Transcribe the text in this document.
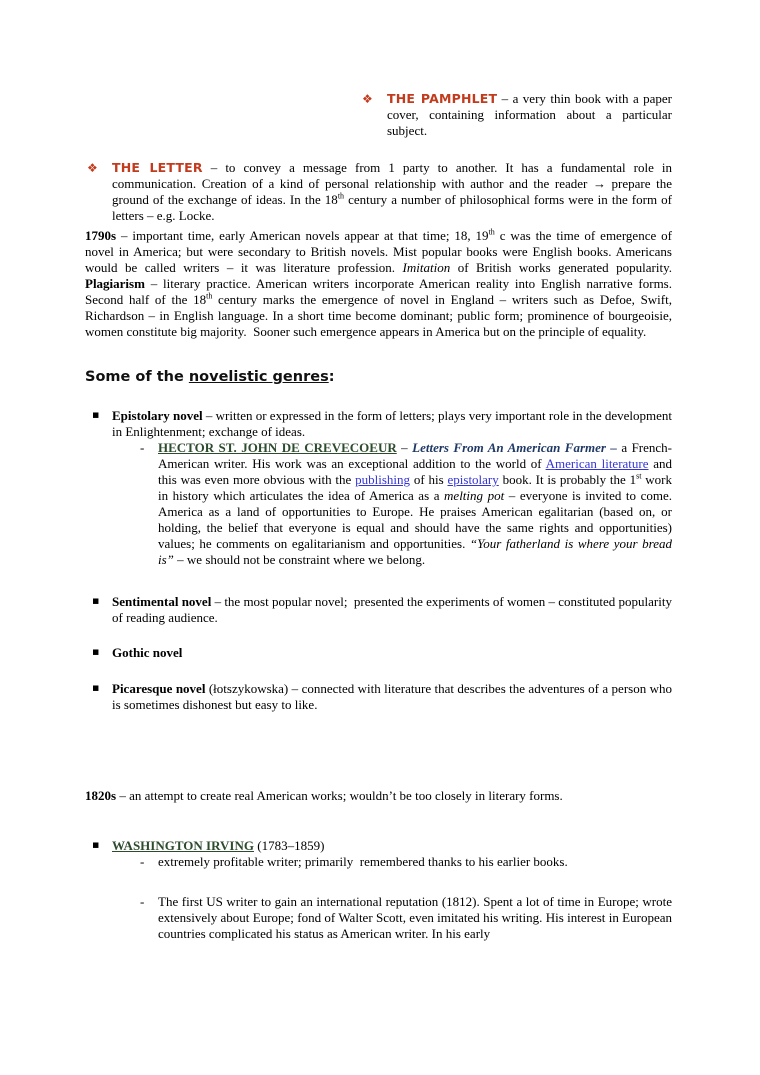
❖ THE PAMPHLET – a very thin book with a paper cover, containing information about a particular subject.
❖ THE LETTER – to convey a message from 1 party to another. It has a fundamental role in communication. Creation of a kind of personal relationship with author and the reader → prepare the ground of the exchange of ideas. In the 18th century a number of philosophical forms were in the form of letters – e.g. Locke.
1790s – important time, early American novels appear at that time; 18, 19th c was the time of emergence of novel in America; but were secondary to British novels. Mist popular books were English books. Americans would be called writers – it was literature profession. Imitation of British works generated popularity. Plagiarism – literary practice. American writers incorporate American reality into English narrative forms. Second half of the 18th century marks the emergence of novel in England – writers such as Defoe, Swift, Richardson – in English language. In a short time become dominant; public form; prominence of bourgeoisie, women constitute big majority.  Sooner such emergence appears in America but on the principle of equality.
Some of the novelistic genres:
▪ Epistolary novel – written or expressed in the form of letters; plays very important role in the development in Enlightenment; exchange of ideas.
- HECTOR ST. JOHN DE CREVECOEUR – Letters From An American Farmer – a French-American writer. His work was an exceptional addition to the world of American literature and this was even more obvious with the publishing of his epistolary book. It is probably the 1st work in history which articulates the idea of America as a melting pot – everyone is invited to come. America as a land of opportunities to Europe. He praises American egalitarian (based on, or holding, the belief that everyone is equal and should have the same rights and opportunities) values; he comments on egalitarianism and opportunities. “Your fatherland is where your bread is” – we should not be constraint where we belong.
▪ Sentimental novel – the most popular novel;  presented the experiments of women – constituted popularity of reading audience.
▪ Gothic novel
▪ Picaresque novel (łotszykowska) – connected with literature that describes the adventures of a person who is sometimes dishonest but easy to like.
1820s – an attempt to create real American works; wouldn’t be too closely in literary forms.
▪ WASHINGTON IRVING (1783–1859)
- extremely profitable writer; primarily  remembered thanks to his earlier books.
- The first US writer to gain an international reputation (1812). Spent a lot of time in Europe; wrote extensively about Europe; fond of Walter Scott, even imitated his writing. His interest in European countries complicated his status as American writer. In his early
